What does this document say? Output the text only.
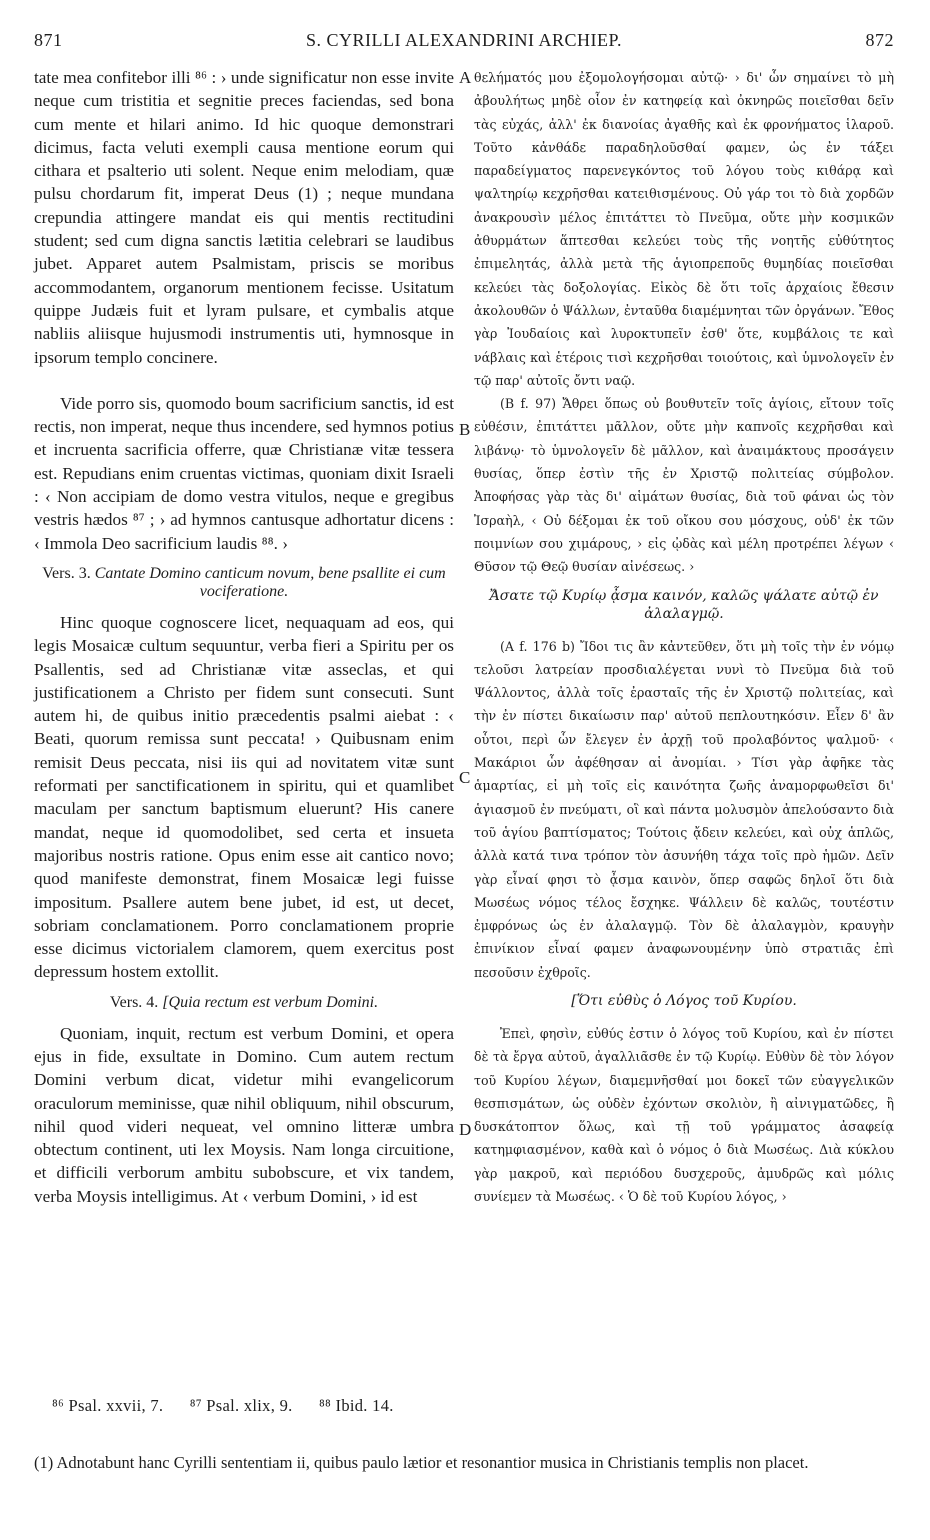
871	S. CYRILLI ALEXANDRINI ARCHIEP.	872
A
B
C
D

tate mea confitebor illi ⁸⁶ : › unde significatur non esse invite neque cum tristitia et segnitie preces faciendas, sed bona cum mente et hilari animo. Id hic quoque demonstrari dicimus, facta veluti exempli causa mentione eorum qui cithara et psalterio uti solent. Neque enim melodiam, quæ pulsu chordarum fit, imperat Deus (1) ; neque mundana crepundia attingere mandat eis qui mentis rectitudini student; sed cum digna sanctis lætitia celebrari se laudibus jubet. Apparet autem Psalmistam, priscis se moribus accommodantem, organorum mentionem fecisse. Usitatum quippe Judæis fuit et lyram pulsare, et cymbalis atque nabliis aliisque hujusmodi instrumentis uti, hymnosque in ipsorum templo concinere.

Vide porro sis, quomodo boum sacrificium sanctis, id est rectis, non imperat, neque thus incendere, sed hymnos potius et incruenta sacrificia offerre, quæ Christianæ vitæ tessera est. Repudians enim cruentas victimas, quoniam dixit Israeli : ‹ Non accipiam de domo vestra vitulos, neque e gregibus vestris hædos ⁸⁷ ; › ad hymnos cantusque adhortatur dicens : ‹ Immola Deo sacrificium laudis ⁸⁸. ›

Vers. 3. Cantate Domino canticum novum, bene psallite ei cum vociferatione.

Hinc quoque cognoscere licet, nequaquam ad eos, qui legis Mosaicæ cultum sequuntur, verba fieri a Spiritu per os Psallentis, sed ad Christianæ vitæ asseclas, et qui justificationem a Christo per fidem sunt consecuti. Sunt autem hi, de quibus initio præcedentis psalmi aiebat : ‹ Beati, quorum remissa sunt peccata! › Quibusnam enim remisit Deus peccata, nisi iis qui ad novitatem vitæ sunt reformati per sanctificationem in spiritu, qui et quamlibet maculam per sanctum baptismum eluerunt? His canere mandat, neque id quomodolibet, sed certa et insueta majoribus nostris ratione. Opus enim esse ait cantico novo; quod manifeste demonstrat, finem Mosaicæ legi fuisse impositum. Psallere autem bene jubet, id est, ut decet, sobriam conclamationem. Porro conclamationem proprie esse dicimus victorialem clamorem, quem exercitus post depressum hostem extollit.

Vers. 4. [Quia rectum est verbum Domini.

Quoniam, inquit, rectum est verbum Domini, et opera ejus in fide, exsultate in Domino. Cum autem rectum Domini verbum dicat, videtur mihi evangelicorum oraculorum meminisse, quæ nihil obliquum, nihil obscurum, nihil quod videri nequeat, vel omnino litteræ umbra obtectum continent, uti lex Moysis. Nam longa circuitione, et difficili verborum ambitu subobscure, et vix tandem, verba Moysis intelligimus. At ‹ verbum Domini, › id est

θελήματός μου ἐξομολογήσομαι αὐτῷ· › δι' ὧν σημαίνει τὸ μὴ ἀβουλήτως μηδὲ οἷον ἐν κατηφείᾳ καὶ ὀκνηρῶς ποιεῖσθαι δεῖν τὰς εὐχάς, ἀλλ' ἐκ διανοίας ἀγαθῆς καὶ ἐκ φρονήματος ἱλαροῦ. Τοῦτο κἀνθάδε παραδηλοῦσθαί φαμεν, ὡς ἐν τάξει παραδείγματος παρενεγκόντος τοῦ λόγου τοὺς κιθάρᾳ καὶ ψαλτηρίῳ κεχρῆσθαι κατειθισμένους. Οὐ γάρ τοι τὸ διὰ χορδῶν ἀνακρουσὶν μέλος ἐπιτάττει τὸ Πνεῦμα, οὔτε μὴν κοσμικῶν ἀθυρμάτων ἅπτεσθαι κελεύει τοὺς τῆς νοητῆς εὐθύτητος ἐπιμελητάς, ἀλλὰ μετὰ τῆς ἁγιοπρεποῦς θυμηδίας ποιεῖσθαι κελεύει τὰς δοξολογίας. Εἰκὸς δὲ ὅτι τοῖς ἀρχαίοις ἔθεσιν ἀκολουθῶν ὁ Ψάλλων, ἐνταῦθα διαμέμνηται τῶν ὀργάνων. Ἔθος γὰρ Ἰουδαίοις καὶ λυροκτυπεῖν ἐσθ' ὅτε, κυμβάλοις τε καὶ νάβλαις καὶ ἑτέροις τισὶ κεχρῆσθαι τοιούτοις, καὶ ὑμνολογεῖν ἐν τῷ παρ' αὐτοῖς ὄντι ναῷ.

(B f. 97) Ἄθρει ὅπως οὐ βουθυτεῖν τοῖς ἁγίοις, εἴτουν τοῖς εὐθέσιν, ἐπιτάττει μᾶλλον, οὔτε μὴν καπνοῖς κεχρῆσθαι καὶ λιβάνῳ· τὸ ὑμνολογεῖν δὲ μᾶλλον, καὶ ἀναιμάκτους προσάγειν θυσίας, ὅπερ ἐστὶν τῆς ἐν Χριστῷ πολιτείας σύμβολον. Ἀποφήσας γὰρ τὰς δι' αἱμάτων θυσίας, διὰ τοῦ φάναι ὡς τὸν Ἰσραὴλ, ‹ Οὐ δέξομαι ἐκ τοῦ οἴκου σου μόσχους, οὐδ' ἐκ τῶν ποιμνίων σου χιμάρους, › εἰς ᾠδὰς καὶ μέλη προτρέπει λέγων ‹ Θῦσον τῷ Θεῷ θυσίαν αἰνέσεως. ›

Ἄσατε τῷ Κυρίῳ ᾆσμα καινόν, καλῶς ψάλατε αὐτῷ ἐν ἀλαλαγμῷ.

(A f. 176 b) Ἴδοι τις ἂν κἀντεῦθεν, ὅτι μὴ τοῖς τὴν ἐν νόμῳ τελοῦσι λατρείαν προσδιαλέγεται νυνὶ τὸ Πνεῦμα διὰ τοῦ Ψάλλοντος, ἀλλὰ τοῖς ἐρασταῖς τῆς ἐν Χριστῷ πολιτείας, καὶ τὴν ἐν πίστει δικαίωσιν παρ' αὐτοῦ πεπλουτηκόσιν. Εἶεν δ' ἂν οὗτοι, περὶ ὧν ἔλεγεν ἐν ἀρχῇ τοῦ προλαβόντος ψαλμοῦ· ‹ Μακάριοι ὧν ἀφέθησαν αἱ ἀνομίαι. › Τίσι γὰρ ἀφῆκε τὰς ἁμαρτίας, εἰ μὴ τοῖς εἰς καινότητα ζωῆς ἀναμορφωθεῖσι δι' ἁγιασμοῦ ἐν πνεύματι, οἳ καὶ πάντα μολυσμὸν ἀπελούσαντο διὰ τοῦ ἁγίου βαπτίσματος; Τούτοις ᾄδειν κελεύει, καὶ οὐχ ἁπλῶς, ἀλλὰ κατά τινα τρόπον τὸν ἀσυνήθη τάχα τοῖς πρὸ ἡμῶν. Δεῖν γὰρ εἶναί φησι τὸ ᾆσμα καινὸν, ὅπερ σαφῶς δηλοῖ ὅτι διὰ Μωσέως νόμος τέλος ἔσχηκε. Ψάλλειν δὲ καλῶς, τουτέστιν ἐμφρόνως ὡς ἐν ἀλαλαγμῷ. Τὸν δὲ ἀλαλαγμὸν, κραυγὴν ἐπινίκιον εἶναί φαμεν ἀναφωνουμένην ὑπὸ στρατιᾶς ἐπὶ πεσοῦσιν ἐχθροῖς.

[Ὅτι εὐθὺς ὁ Λόγος τοῦ Κυρίου.

Ἐπεὶ, φησὶν, εὐθύς ἐστιν ὁ λόγος τοῦ Κυρίου, καὶ ἐν πίστει δὲ τὰ ἔργα αὐτοῦ, ἀγαλλιᾶσθε ἐν τῷ Κυρίῳ. Εὐθὺν δὲ τὸν λόγον τοῦ Κυρίου λέγων, διαμεμνῆσθαί μοι δοκεῖ τῶν εὐαγγελικῶν θεσπισμάτων, ὡς οὐδὲν ἐχόντων σκολιὸν, ἢ αἰνιγματῶδες, ἢ δυσκάτοπτον ὅλως, καὶ τῇ τοῦ γράμματος ἀσαφείᾳ κατημφιασμένον, καθὰ καὶ ὁ νόμος ὁ διὰ Μωσέως. Διὰ κύκλου γὰρ μακροῦ, καὶ περιόδου δυσχεροῦς, ἀμυδρῶς καὶ μόλις συνίεμεν τὰ Μωσέως. ‹ Ὁ δὲ τοῦ Κυρίου λόγος, ›

⁸⁶ Psal. xxvii, 7. ⁸⁷ Psal. xlix, 9. ⁸⁸ Ibid. 14.

(1) Adnotabunt hanc Cyrilli sententiam ii, quibus paulo lætior et resonantior musica in Christianis templis non placet.
